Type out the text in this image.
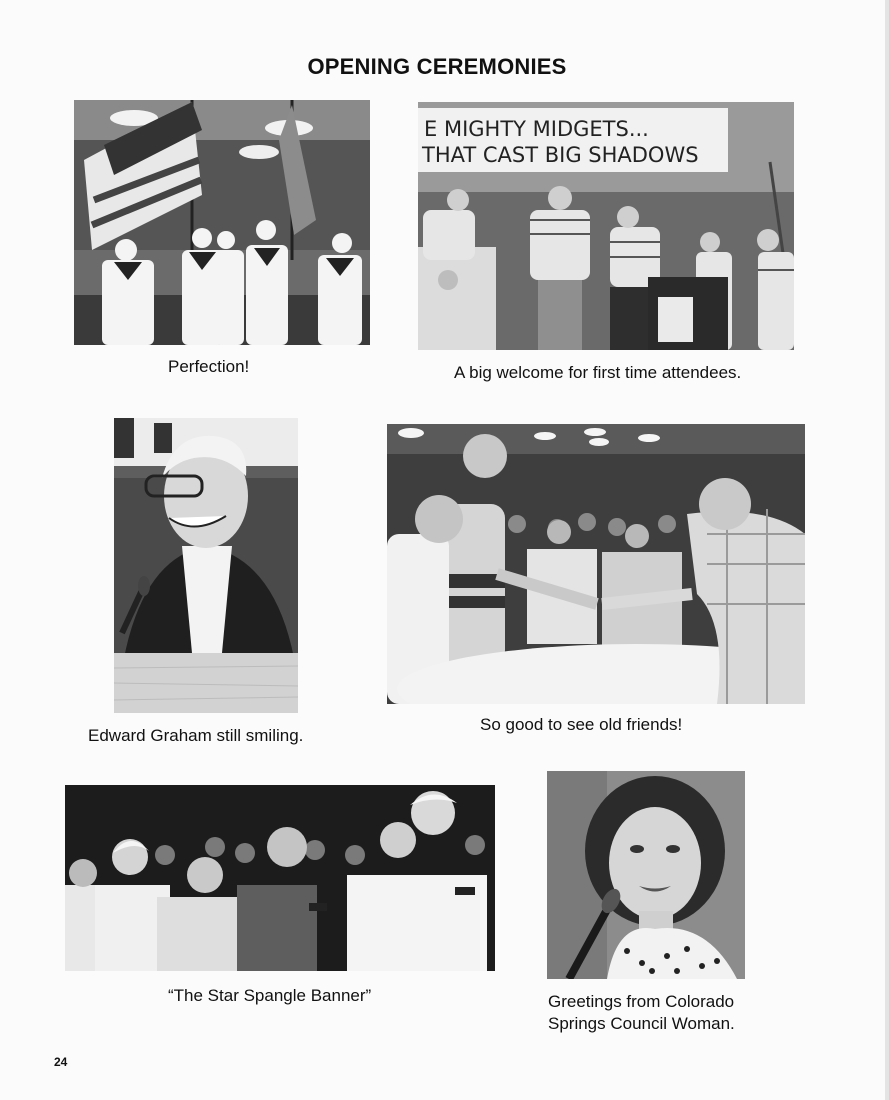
OPENING CEREMONIES
Perfection!
E MIGHTY MIDGETS...
THAT CAST BIG SHADOWS
A big welcome for first time attendees.
Edward Graham still smiling.
So good to see old friends!
“The Star Spangle Banner”	Greetings from Colorado
Springs Council Woman.
24
